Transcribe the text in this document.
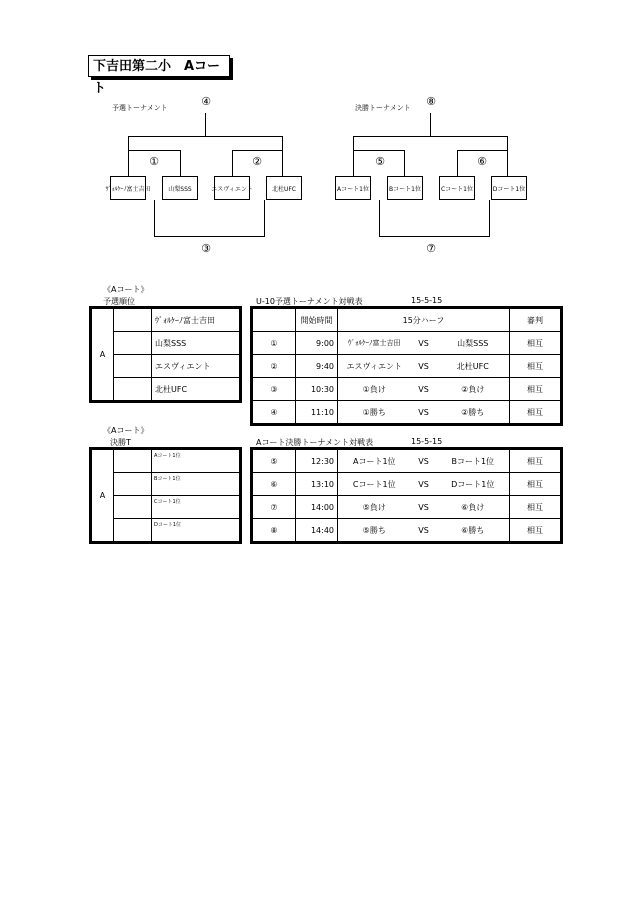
下吉田第二小　Aコート
予選トーナメント	④
①	②
③
ｳﾞｫﾙｹｰﾉ富士吉田	山梨SSS	エスヴィエント	北杜UFC
決勝トーナメント	⑧
⑤	⑥
⑦
Aコート1位	Bコート1位	Cコート1位	Dコート1位
《Aコート》
予選順位
A		ｳﾞｫﾙｹｰﾉ富士吉田
		山梨SSS
		エスヴィエント
		北杜UFC
U-10予選トーナメント対戦表	15-5-15
	開始時間	15分ハーフ			審判
①	9:00	ｳﾞｫﾙｹｰﾉ富士吉田	VS	山梨SSS	相互
②	9:40	エスヴィエント	VS	北杜UFC	相互
③	10:30	①負け	VS	②負け	相互
④	11:10	①勝ち	VS	②勝ち	相互
《Aコート》
決勝T
A		Aコート1位
		Bコート1位
		Cコート1位
		Dコート1位
Aコート決勝トーナメント対戦表	15-5-15
⑤	12:30	Aコート1位	VS	Bコート1位	相互
⑥	13:10	Cコート1位	VS	Dコート1位	相互
⑦	14:00	⑤負け	VS	⑥負け	相互
⑧	14:40	⑤勝ち	VS	⑥勝ち	相互
